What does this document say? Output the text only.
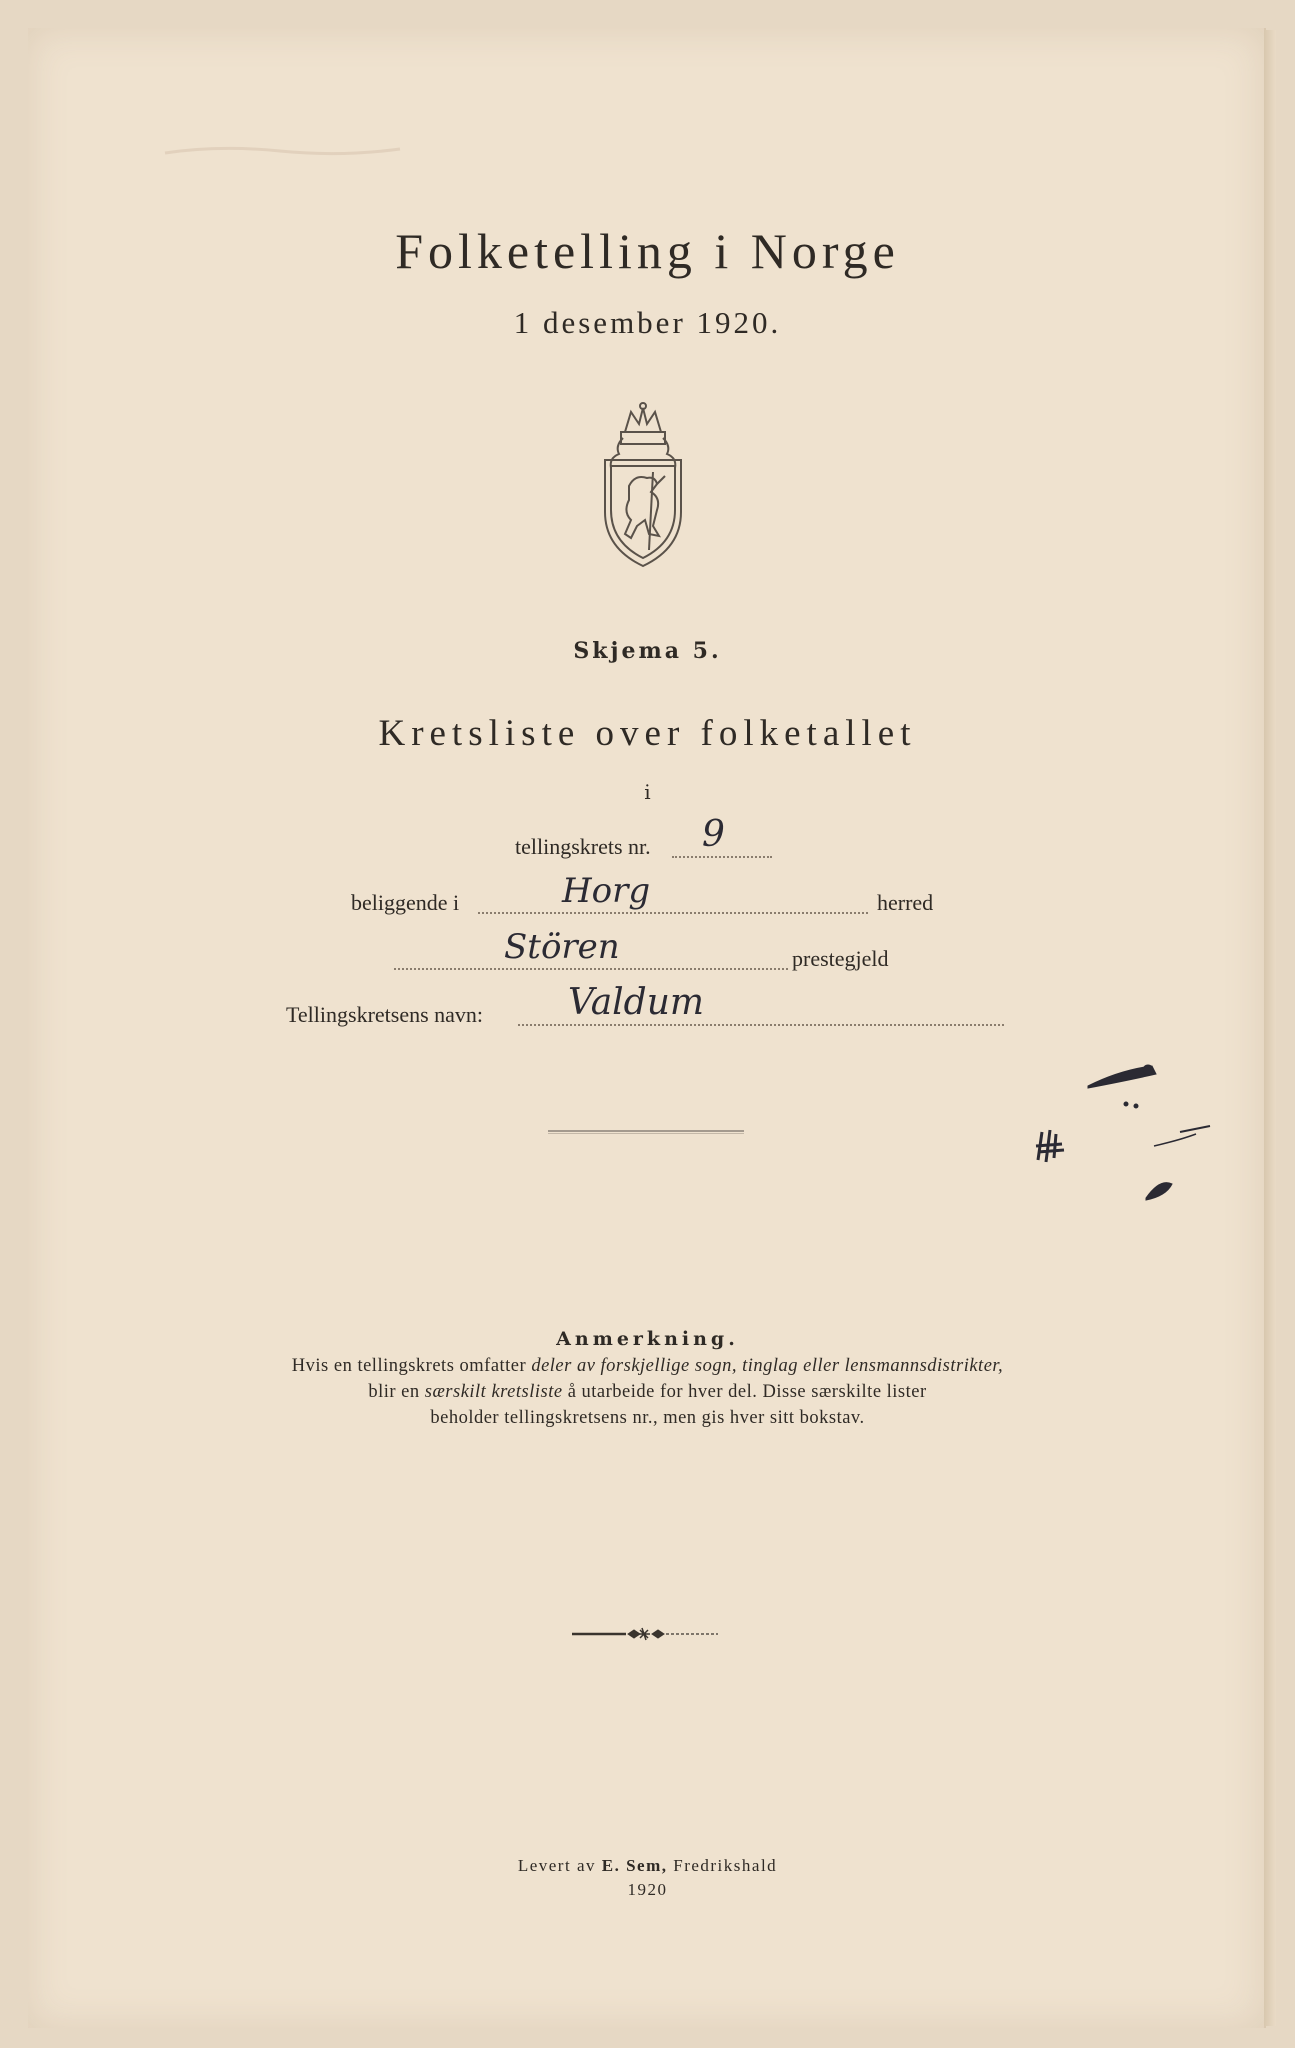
Folketelling i Norge
1 desember 1920.
Skjema 5.
Kretsliste over folketallet
i
tellingskrets nr. 9
beliggende i	Horg	herred
Stören	prestegjeld
Tellingskretsens navn: Valdum
Anmerkning.
Hvis en tellingskrets omfatter deler av forskjellige sogn, tinglag eller lensmannsdistrikter,
blir en særskilt kretsliste å utarbeide for hver del. Disse særskilte lister
beholder tellingskretsens nr., men gis hver sitt bokstav.
Levert av E. Sem, Fredrikshald
1920
